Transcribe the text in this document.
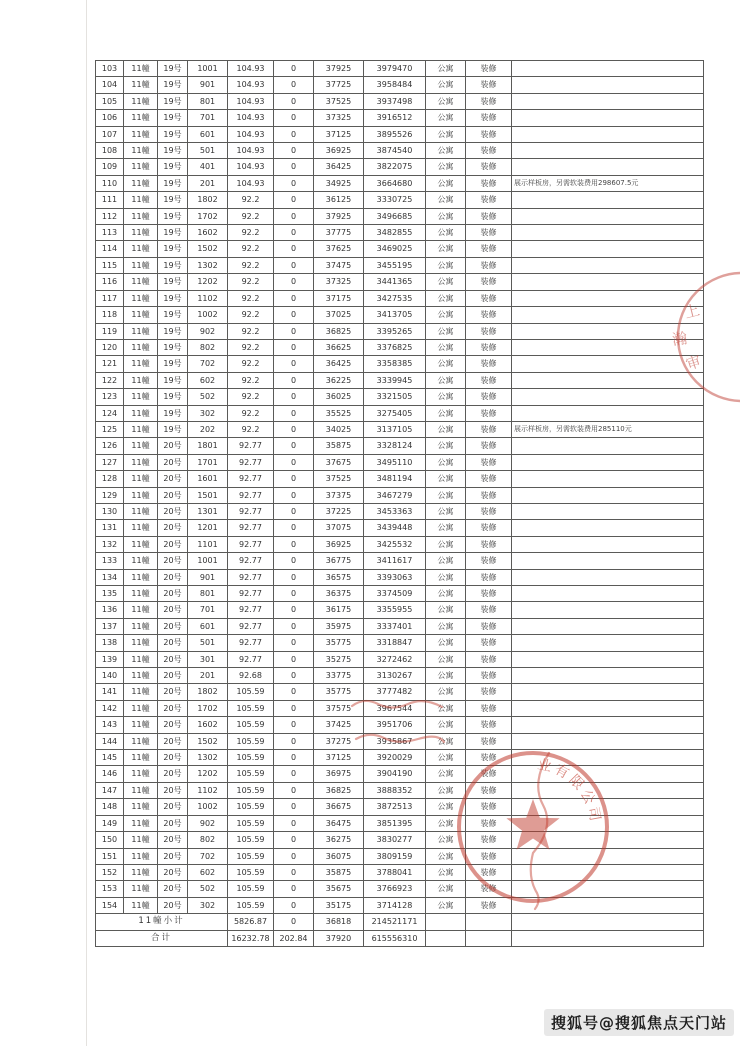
103	11幢	19号	1001	104.93	0	37925	3979470	公寓	装修	
104	11幢	19号	901	104.93	0	37725	3958484	公寓	装修	
105	11幢	19号	801	104.93	0	37525	3937498	公寓	装修	
106	11幢	19号	701	104.93	0	37325	3916512	公寓	装修	
107	11幢	19号	601	104.93	0	37125	3895526	公寓	装修	
108	11幢	19号	501	104.93	0	36925	3874540	公寓	装修	
109	11幢	19号	401	104.93	0	36425	3822075	公寓	装修	
110	11幢	19号	201	104.93	0	34925	3664680	公寓	装修	展示样板房，另需软装费用298607.5元
111	11幢	19号	1802	92.2	0	36125	3330725	公寓	装修	
112	11幢	19号	1702	92.2	0	37925	3496685	公寓	装修	
113	11幢	19号	1602	92.2	0	37775	3482855	公寓	装修	
114	11幢	19号	1502	92.2	0	37625	3469025	公寓	装修	
115	11幢	19号	1302	92.2	0	37475	3455195	公寓	装修	
116	11幢	19号	1202	92.2	0	37325	3441365	公寓	装修	
117	11幢	19号	1102	92.2	0	37175	3427535	公寓	装修	
118	11幢	19号	1002	92.2	0	37025	3413705	公寓	装修	
119	11幢	19号	902	92.2	0	36825	3395265	公寓	装修	
120	11幢	19号	802	92.2	0	36625	3376825	公寓	装修	
121	11幢	19号	702	92.2	0	36425	3358385	公寓	装修	
122	11幢	19号	602	92.2	0	36225	3339945	公寓	装修	
123	11幢	19号	502	92.2	0	36025	3321505	公寓	装修	
124	11幢	19号	302	92.2	0	35525	3275405	公寓	装修	
125	11幢	19号	202	92.2	0	34025	3137105	公寓	装修	展示样板房，另需软装费用285110元
126	11幢	20号	1801	92.77	0	35875	3328124	公寓	装修	
127	11幢	20号	1701	92.77	0	37675	3495110	公寓	装修	
128	11幢	20号	1601	92.77	0	37525	3481194	公寓	装修	
129	11幢	20号	1501	92.77	0	37375	3467279	公寓	装修	
130	11幢	20号	1301	92.77	0	37225	3453363	公寓	装修	
131	11幢	20号	1201	92.77	0	37075	3439448	公寓	装修	
132	11幢	20号	1101	92.77	0	36925	3425532	公寓	装修	
133	11幢	20号	1001	92.77	0	36775	3411617	公寓	装修	
134	11幢	20号	901	92.77	0	36575	3393063	公寓	装修	
135	11幢	20号	801	92.77	0	36375	3374509	公寓	装修	
136	11幢	20号	701	92.77	0	36175	3355955	公寓	装修	
137	11幢	20号	601	92.77	0	35975	3337401	公寓	装修	
138	11幢	20号	501	92.77	0	35775	3318847	公寓	装修	
139	11幢	20号	301	92.77	0	35275	3272462	公寓	装修	
140	11幢	20号	201	92.68	0	33775	3130267	公寓	装修	
141	11幢	20号	1802	105.59	0	35775	3777482	公寓	装修	
142	11幢	20号	1702	105.59	0	37575	3967544	公寓	装修	
143	11幢	20号	1602	105.59	0	37425	3951706	公寓	装修	
144	11幢	20号	1502	105.59	0	37275	3935867	公寓	装修	
145	11幢	20号	1302	105.59	0	37125	3920029	公寓	装修	
146	11幢	20号	1202	105.59	0	36975	3904190	公寓	装修	
147	11幢	20号	1102	105.59	0	36825	3888352	公寓	装修	
148	11幢	20号	1002	105.59	0	36675	3872513	公寓	装修	
149	11幢	20号	902	105.59	0	36475	3851395	公寓	装修	
150	11幢	20号	802	105.59	0	36275	3830277	公寓	装修	
151	11幢	20号	702	105.59	0	36075	3809159	公寓	装修	
152	11幢	20号	602	105.59	0	35875	3788041	公寓	装修	
153	11幢	20号	502	105.59	0	35675	3766923	公寓	装修	
154	11幢	20号	302	105.59	0	35175	3714128	公寓	装修	
11幢小计				5826.87	0	36818	214521171			
合计				16232.78	202.84	37920	615556310			
上
瀚
审
业有限公司
搜狐号@搜狐焦点天门站
